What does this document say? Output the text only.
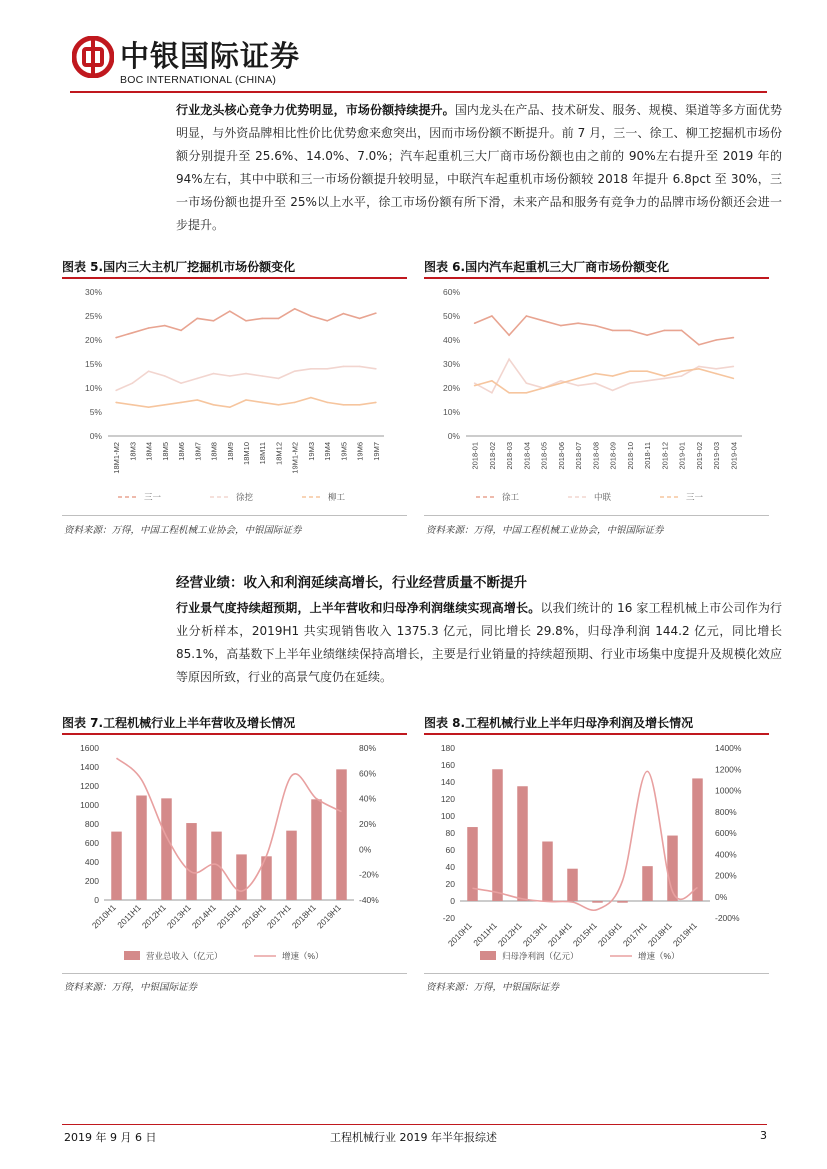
中银国际证券
BOC INTERNATIONAL (CHINA)
行业龙头核心竞争力优势明显，市场份额持续提升。国内龙头在产品、技术研发、服务、规模、渠道等多方面优势明显，与外资品牌相比性价比优势愈来愈突出，因而市场份额不断提升。前 7 月，三一、徐工、柳工挖掘机市场份额分别提升至 25.6%、14.0%、7.0%；汽车起重机三大厂商市场份额也由之前的 90%左右提升至 2019 年的 94%左右，其中中联和三一市场份额提升较明显，中联汽车起重机市场份额较 2018 年提升 6.8pct 至 30%，三一市场份额也提升至 25%以上水平，徐工市场份额有所下滑，未来产品和服务有竞争力的品牌市场份额还会进一步提升。
图表 5.国内三大主机厂挖掘机市场份额变化
0%
5%
10%
15%
20%
25%
30%
18M1-M2 18M3 18M4 18M5 18M6 18M7 18M8 18M9 18M10 18M11 18M12 19M1-M2 19M3 19M4 19M5 19M6 19M7
三一	徐挖	柳工
资料来源：万得，中国工程机械工业协会，中银国际证券
图表 6.国内汽车起重机三大厂商市场份额变化
0%
10%
20%
30%
40%
50%
60%
2018-01 2018-02 2018-03 2018-04 2018-05 2018-06 2018-07 2018-08 2018-09 2018-10 2018-11 2018-12 2019-01 2019-02 2019-03 2019-04
徐工	中联	三一
资料来源：万得，中国工程机械工业协会，中银国际证券
经营业绩：收入和利润延续高增长，行业经营质量不断提升
行业景气度持续超预期，上半年营收和归母净利润继续实现高增长。以我们统计的 16 家工程机械上市公司作为行业分析样本，2019H1 共实现销售收入 1375.3 亿元，同比增长 29.8%，归母净利润 144.2 亿元，同比增长 85.1%，高基数下上半年业绩继续保持高增长，主要是行业销量的持续超预期、行业市场集中度提升及规模化效应等原因所致，行业的高景气度仍在延续。
图表 7.工程机械行业上半年营收及增长情况
0
200
400
600
800
1000
1200
1400
1600
-40%
-20%
0%
20%
40%
60%
80%
2010H1
2011H1
2012H1
2013H1
2014H1
2015H1
2016H1
2017H1
2018H1
2019H1
营业总收入（亿元）	增速（%）
资料来源：万得，中银国际证券
图表 8.工程机械行业上半年归母净利润及增长情况
-20
0
20
40
60
80
100
120
140
160
180
-200%
0%
200%
400%
600%
800%
1000%
1200%
1400%
2010H1
2011H1
2012H1
2013H1
2014H1
2015H1
2016H1
2017H1
2018H1
2019H1
归母净利润（亿元）	增速（%）
资料来源：万得，中银国际证券
2019 年 9 月 6 日	工程机械行业 2019 年半年报综述	3
